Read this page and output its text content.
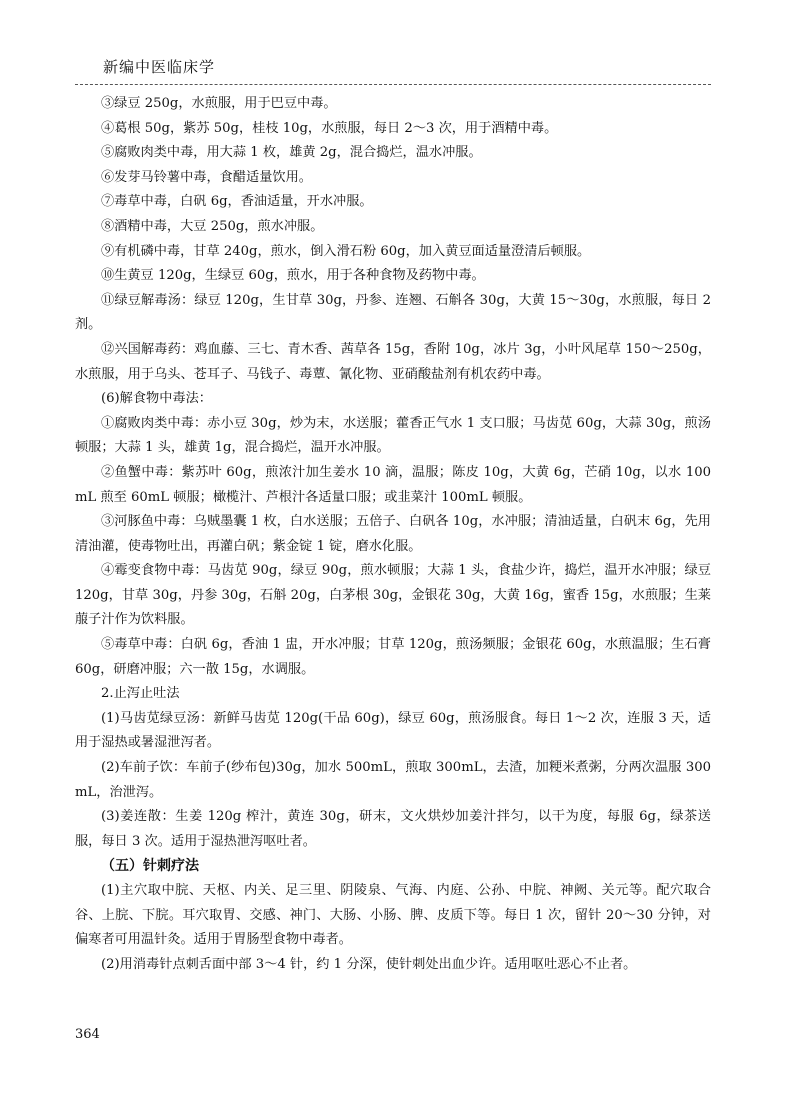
新编中医临床学

③绿豆 250g，水煎服，用于巴豆中毒。

④葛根 50g，紫苏 50g，桂枝 10g，水煎服，每日 2～3 次，用于酒精中毒。

⑤腐败肉类中毒，用大蒜 1 枚，雄黄 2g，混合捣烂，温水冲服。

⑥发芽马铃薯中毒，食醋适量饮用。

⑦毒草中毒，白矾 6g，香油适量，开水冲服。

⑧酒精中毒，大豆 250g，煎水冲服。

⑨有机磷中毒，甘草 240g，煎水，倒入滑石粉 60g，加入黄豆面适量澄清后顿服。

⑩生黄豆 120g，生绿豆 60g，煎水，用于各种食物及药物中毒。

⑪绿豆解毒汤：绿豆 120g，生甘草 30g，丹参、连翘、石斛各 30g，大黄 15～30g，水煎服，每日 2 剂。

⑫兴国解毒药：鸡血藤、三七、青木香、茜草各 15g，香附 10g，冰片 3g，小叶风尾草 150～250g，水煎服，用于乌头、苍耳子、马钱子、毒蕈、氰化物、亚硝酸盐剂有机农药中毒。

(6)解食物中毒法：

①腐败肉类中毒：赤小豆 30g，炒为末，水送服；藿香正气水 1 支口服；马齿苋 60g，大蒜 30g，煎汤顿服；大蒜 1 头，雄黄 1g，混合捣烂，温开水冲服。

②鱼蟹中毒：紫苏叶 60g，煎浓汁加生姜水 10 滴，温服；陈皮 10g，大黄 6g，芒硝 10g，以水 100mL 煎至 60mL 顿服；橄榄汁、芦根汁各适量口服；或韭菜汁 100mL 顿服。

③河豚鱼中毒：乌贼墨囊 1 枚，白水送服；五倍子、白矾各 10g，水冲服；清油适量，白矾末 6g，先用清油灌，使毒物吐出，再灌白矾；紫金锭 1 锭，磨水化服。

④霉变食物中毒：马齿苋 90g，绿豆 90g，煎水顿服；大蒜 1 头，食盐少许，捣烂，温开水冲服；绿豆 120g，甘草 30g，丹参 30g，石斛 20g，白茅根 30g，金银花 30g，大黄 16g，蜜香 15g，水煎服；生莱菔子汁作为饮料服。

⑤毒草中毒：白矾 6g，香油 1 盅，开水冲服；甘草 120g，煎汤频服；金银花 60g，水煎温服；生石膏 60g，研磨冲服；六一散 15g，水调服。

2.止泻止吐法

(1)马齿苋绿豆汤：新鲜马齿苋 120g(干品 60g)，绿豆 60g，煎汤服食。每日 1～2 次，连服 3 天，适用于湿热或暑湿泄泻者。

(2)车前子饮：车前子(纱布包)30g，加水 500mL，煎取 300mL，去渣，加粳米煮粥，分两次温服 300mL，治泄泻。

(3)姜连散：生姜 120g 榨汁，黄连 30g，研末，文火烘炒加姜汁拌匀，以干为度，每服 6g，绿茶送服，每日 3 次。适用于湿热泄泻呕吐者。

（五）针刺疗法

(1)主穴取中脘、天枢、内关、足三里、阴陵泉、气海、内庭、公孙、中脘、神阙、关元等。配穴取合谷、上脘、下脘。耳穴取胃、交感、神门、大肠、小肠、脾、皮质下等。每日 1 次，留针 20～30 分钟，对偏寒者可用温针灸。适用于胃肠型食物中毒者。

(2)用消毒针点刺舌面中部 3～4 针，约 1 分深，使针刺处出血少许。适用呕吐恶心不止者。

364
